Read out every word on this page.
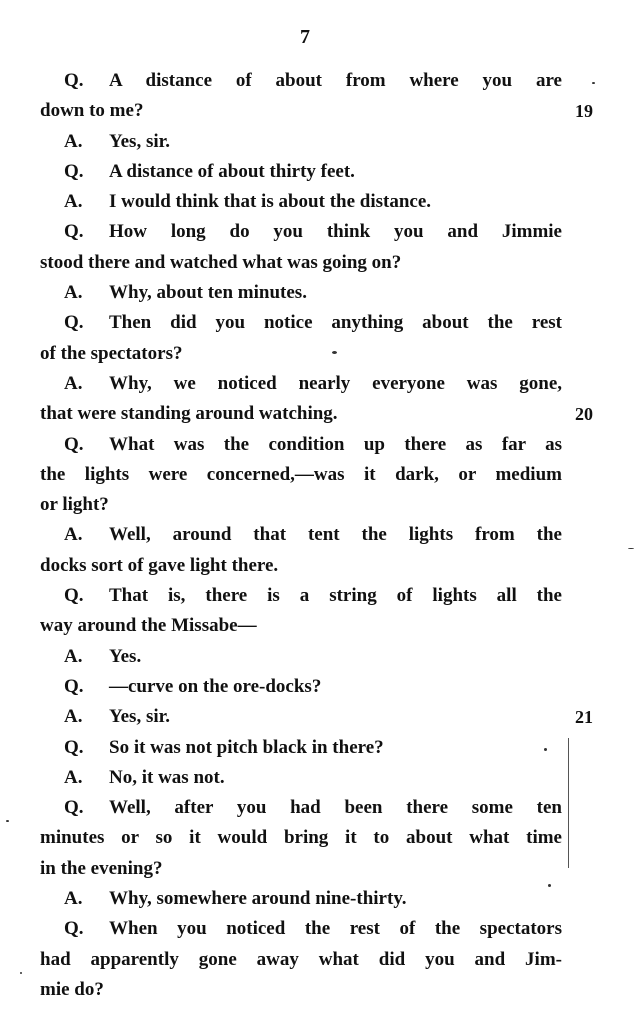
7
Q. A distance of about from where you are
down to me?
A. Yes, sir.
Q. A distance of about thirty feet.
A. I would think that is about the distance.
Q. How long do you think you and Jimmie
stood there and watched what was going on?
A. Why, about ten minutes.
Q. Then did you notice anything about the rest
of the spectators?
A. Why, we noticed nearly everyone was gone,
that were standing around watching.
Q. What was the condition up there as far as
the lights were concerned,—was it dark, or medium
or light?
A. Well, around that tent the lights from the
docks sort of gave light there.
Q. That is, there is a string of lights all the
way around the Missabe—
A. Yes.
Q. —curve on the ore-docks?
A. Yes, sir.
Q. So it was not pitch black in there?
A. No, it was not.
Q. Well, after you had been there some ten
minutes or so it would bring it to about what time
in the evening?
A. Why, somewhere around nine-thirty.
Q. When you noticed the rest of the spectators
had apparently gone away what did you and Jim-
mie do?
19
20
21
